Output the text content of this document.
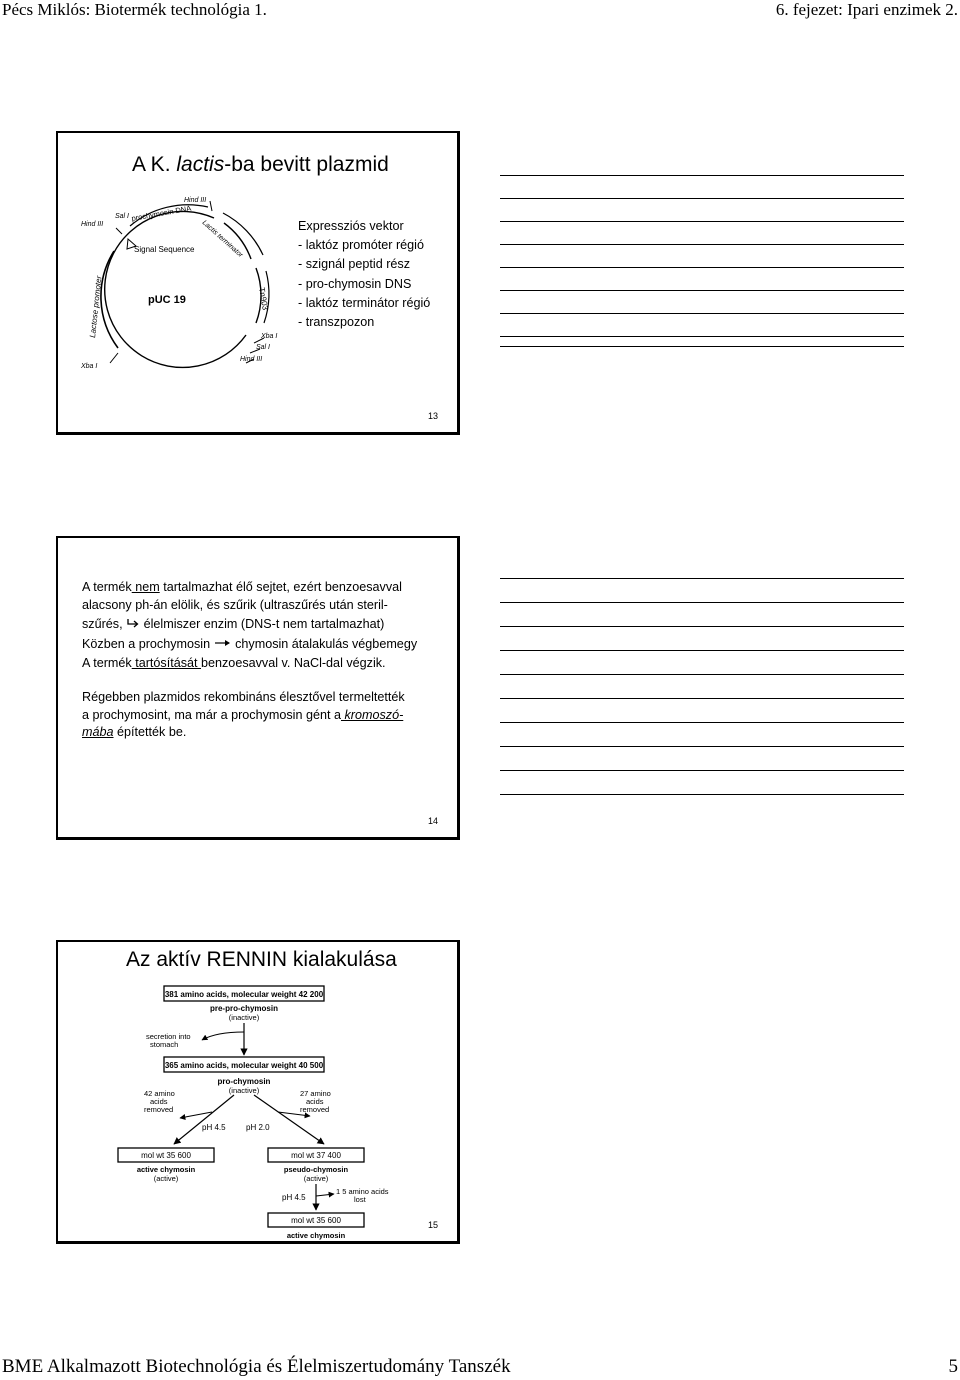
Pécs Miklós: Biotermék technológia 1.	6. fejezet: Ipari enzimek 2.
A K. lactis-ba bevitt plazmid
Hind III
Hind III
Sal I prochymosin DNA
Lactis terminator
Signal Sequence
pUC 19
Lactose promoter	Tn903
Xba I
Sal I
Hind III
Xba I
Expressziós vektor
- laktóz promóter régió
- szignál peptid rész
- pro-chymosin DNS
- laktóz terminátor régió
- transzpozon
13
A termék nem tartalmazhat élő sejtet, ezért benzoesavval
alacsony ph-án elölik, és szűrik (ultraszűrés után steril-
szűrés,  élelmiszer enzim (DNS-t nem tartalmazhat)
Közben a prochymosin  chymosin átalakulás végbemegy
A termék tartósítását benzoesavval v. NaCl-dal végzik.
Régebben plazmidos rekombináns élesztővel termeltették
a prochymosint, ma már a prochymosin gént a kromoszó-
mába építették be.
14
Az aktív RENNIN kialakulása
381 amino acids, molecular weight 42 200
pre-pro-chymosin
(inactive)
secretion into
stomach
365 amino acids, molecular weight 40 500
pro-chymosin
(inactive)
42 amino
acids
removed
27 amino
acids
removed
pH 4.5	pH 2.0
mol wt 35 600
active chymosin
(active)
mol wt 37 400
pseudo-chymosin
(active)
pH 4.5
1 5 amino acids
lost
mol wt 35 600
active chymosin
15
BME Alkalmazott Biotechnológia és Élelmiszertudomány Tanszék	5
